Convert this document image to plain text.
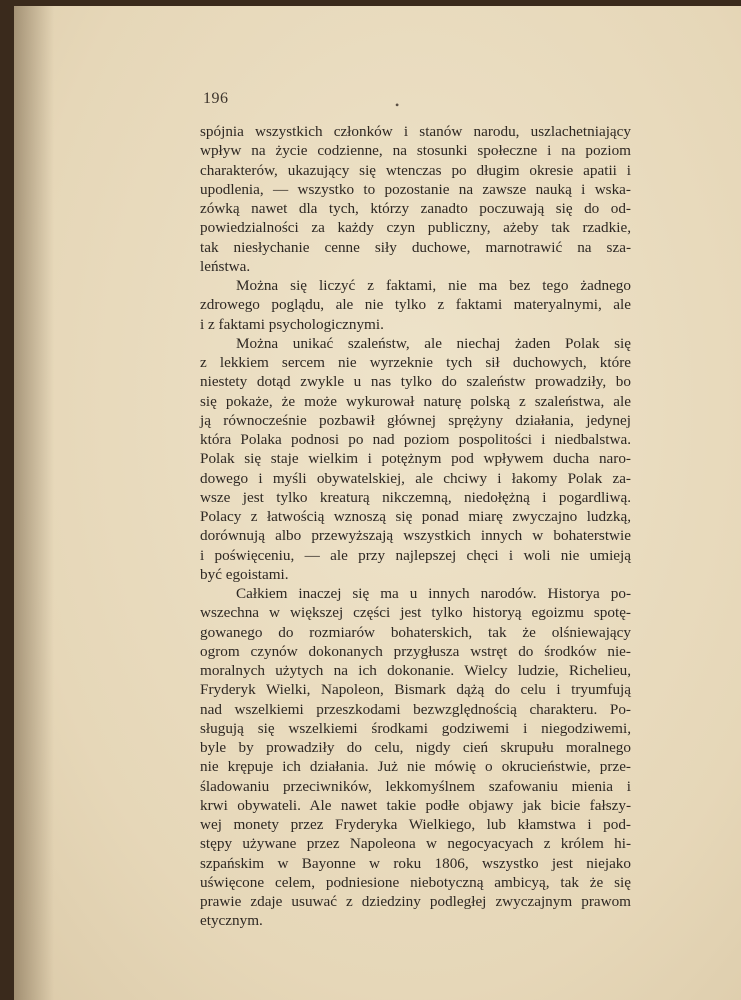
196	•
spójnia wszystkich członków i stanów narodu, uszlachetniający
wpływ na życie codzienne, na stosunki społeczne i na poziom
charakterów, ukazujący się wtenczas po długim okresie apatii i
upodlenia, — wszystko to pozostanie na zawsze nauką i wska-
zówką nawet dla tych, którzy zanadto poczuwają się do od-
powiedzialności za każdy czyn publiczny, ażeby tak rzadkie,
tak niesłychanie cenne siły duchowe, marnotrawić na sza-
leństwa.
Można się liczyć z faktami, nie ma bez tego żadnego
zdrowego poglądu, ale nie tylko z faktami materyalnymi, ale
i z faktami psychologicznymi.
Można unikać szaleństw, ale niechaj żaden Polak się
z lekkiem sercem nie wyrzeknie tych sił duchowych, które
niestety dotąd zwykle u nas tylko do szaleństw prowadziły, bo
się pokaże, że może wykurował naturę polską z szaleństwa, ale
ją równocześnie pozbawił głównej sprężyny działania, jedynej
która Polaka podnosi po nad poziom pospolitości i niedbalstwa.
Polak się staje wielkim i potężnym pod wpływem ducha naro-
dowego i myśli obywatelskiej, ale chciwy i łakomy Polak za-
wsze jest tylko kreaturą nikczemną, niedołężną i pogardliwą.
Polacy z łatwością wznoszą się ponad miarę zwyczajno ludzką,
dorównują albo przewyższają wszystkich innych w bohaterstwie
i poświęceniu, — ale przy najlepszej chęci i woli nie umieją
być egoistami.
Całkiem inaczej się ma u innych narodów. Historya po-
wszechna w większej części jest tylko historyą egoizmu spotę-
gowanego do rozmiarów bohaterskich, tak że olśniewający
ogrom czynów dokonanych przygłusza wstręt do środków nie-
moralnych użytych na ich dokonanie. Wielcy ludzie, Richelieu,
Fryderyk Wielki, Napoleon, Bismark dążą do celu i tryumfują
nad wszelkiemi przeszkodami bezwzględnością charakteru. Po-
sługują się wszelkiemi środkami godziwemi i niegodziwemi,
byle by prowadziły do celu, nigdy cień skrupułu moralnego
nie krępuje ich działania. Już nie mówię o okrucieństwie, prze-
śladowaniu przeciwników, lekkomyślnem szafowaniu mienia i
krwi obywateli. Ale nawet takie podłe objawy jak bicie fałszy-
wej monety przez Fryderyka Wielkiego, lub kłamstwa i pod-
stępy używane przez Napoleona w negocyacyach z królem hi-
szpańskim w Bayonne w roku 1806, wszystko jest niejako
uświęcone celem, podniesione niebotyczną ambicyą, tak że się
prawie zdaje usuwać z dziedziny podległej zwyczajnym prawom
etycznym.
